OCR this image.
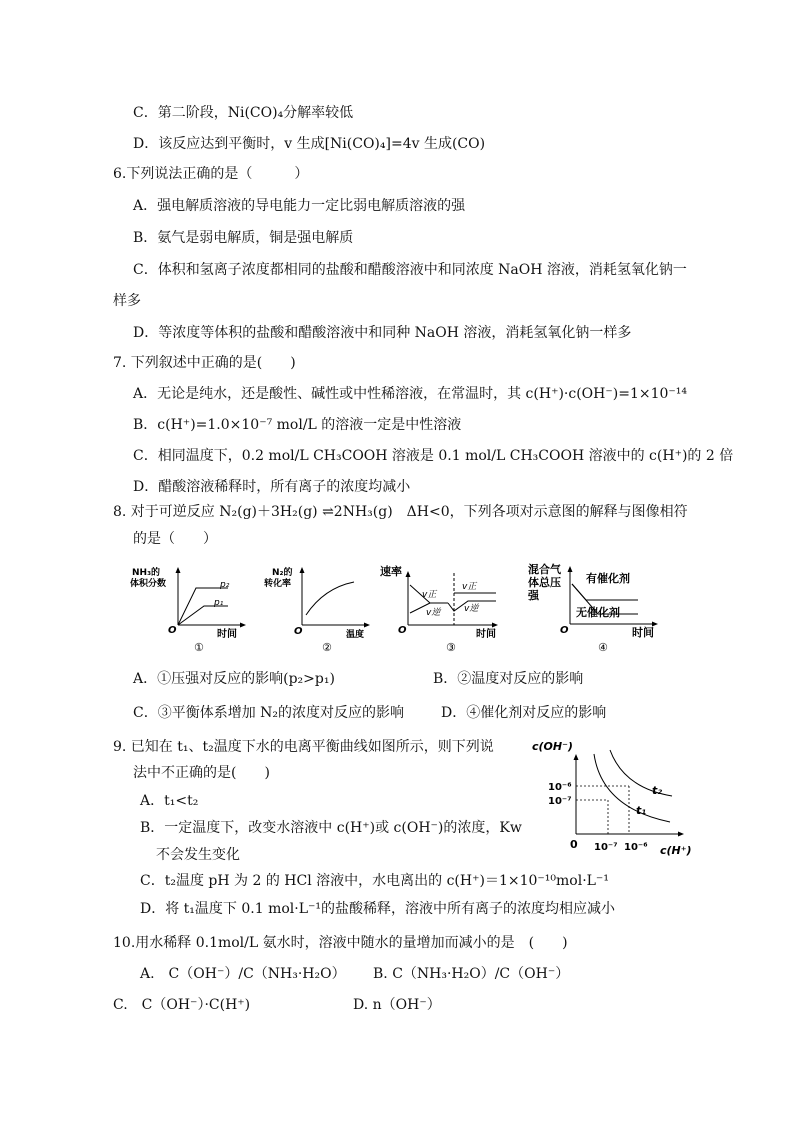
C．第二阶段，Ni(CO)₄分解率较低
D．该反应达到平衡时，v 生成[Ni(CO)₄]=4v 生成(CO)
6.下列说法正确的是（　　　）
A．强电解质溶液的导电能力一定比弱电解质溶液的强
B．氨气是弱电解质，铜是强电解质
C．体积和氢离子浓度都相同的盐酸和醋酸溶液中和同浓度 NaOH 溶液，消耗氢氧化钠一
样多
D．等浓度等体积的盐酸和醋酸溶液中和同种 NaOH 溶液，消耗氢氧化钠一样多
7. 下列叙述中正确的是(　　)
A．无论是纯水，还是酸性、碱性或中性稀溶液，在常温时，其 c(H⁺)·c(OH⁻)=1×10⁻¹⁴
B．c(H⁺)=1.0×10⁻⁷ mol/L 的溶液一定是中性溶液
C．相同温度下，0.2 mol/L CH₃COOH 溶液是 0.1 mol/L CH₃COOH 溶液中的 c(H⁺)的 2 倍
D．醋酸溶液稀释时，所有离子的浓度均减小
8. 对于可逆反应 N₂(g)＋3H₂(g) ⇌2NH₃(g)　ΔH<0，下列各项对示意图的解释与图像相符
的是（　　）
NH₃的
体积分数	p₂
p₁
O	时间
①
N₂的
转化率
O	温度
②
速率
v正
v逆
v正
v逆
O	时间
③
混合气
体总压
强
有催化剂
无催化剂
O	时间
④
A．①压强对反应的影响(p₂>p₁)	B．②温度对反应的影响
C．③平衡体系增加 N₂的浓度对反应的影响	D．④催化剂对反应的影响
9. 已知在 t₁、t₂温度下水的电离平衡曲线如图所示，则下列说
法中不正确的是(　　)
A．t₁<t₂
B．一定温度下，改变水溶液中 c(H⁺)或 c(OH⁻)的浓度，Kw
不会发生变化
C．t₂温度 pH 为 2 的 HCl 溶液中，水电离出的 c(H⁺)＝1×10⁻¹⁰mol·L⁻¹
D．将 t₁温度下 0.1 mol·L⁻¹的盐酸稀释，溶液中所有离子的浓度均相应减小
c(OH⁻)
10⁻⁶
10⁻⁷
0 10⁻⁷ 10⁻⁶ c(H⁺)
t₁
t₂
10.用水稀释 0.1mol/L 氨水时，溶液中随水的量增加而减小的是　(　　)
A.　C（OH⁻）/C（NH₃·H₂O） B. C（NH₃·H₂O）/C（OH⁻）
C.　C（OH⁻）·C(H⁺)	D. n（OH⁻）
